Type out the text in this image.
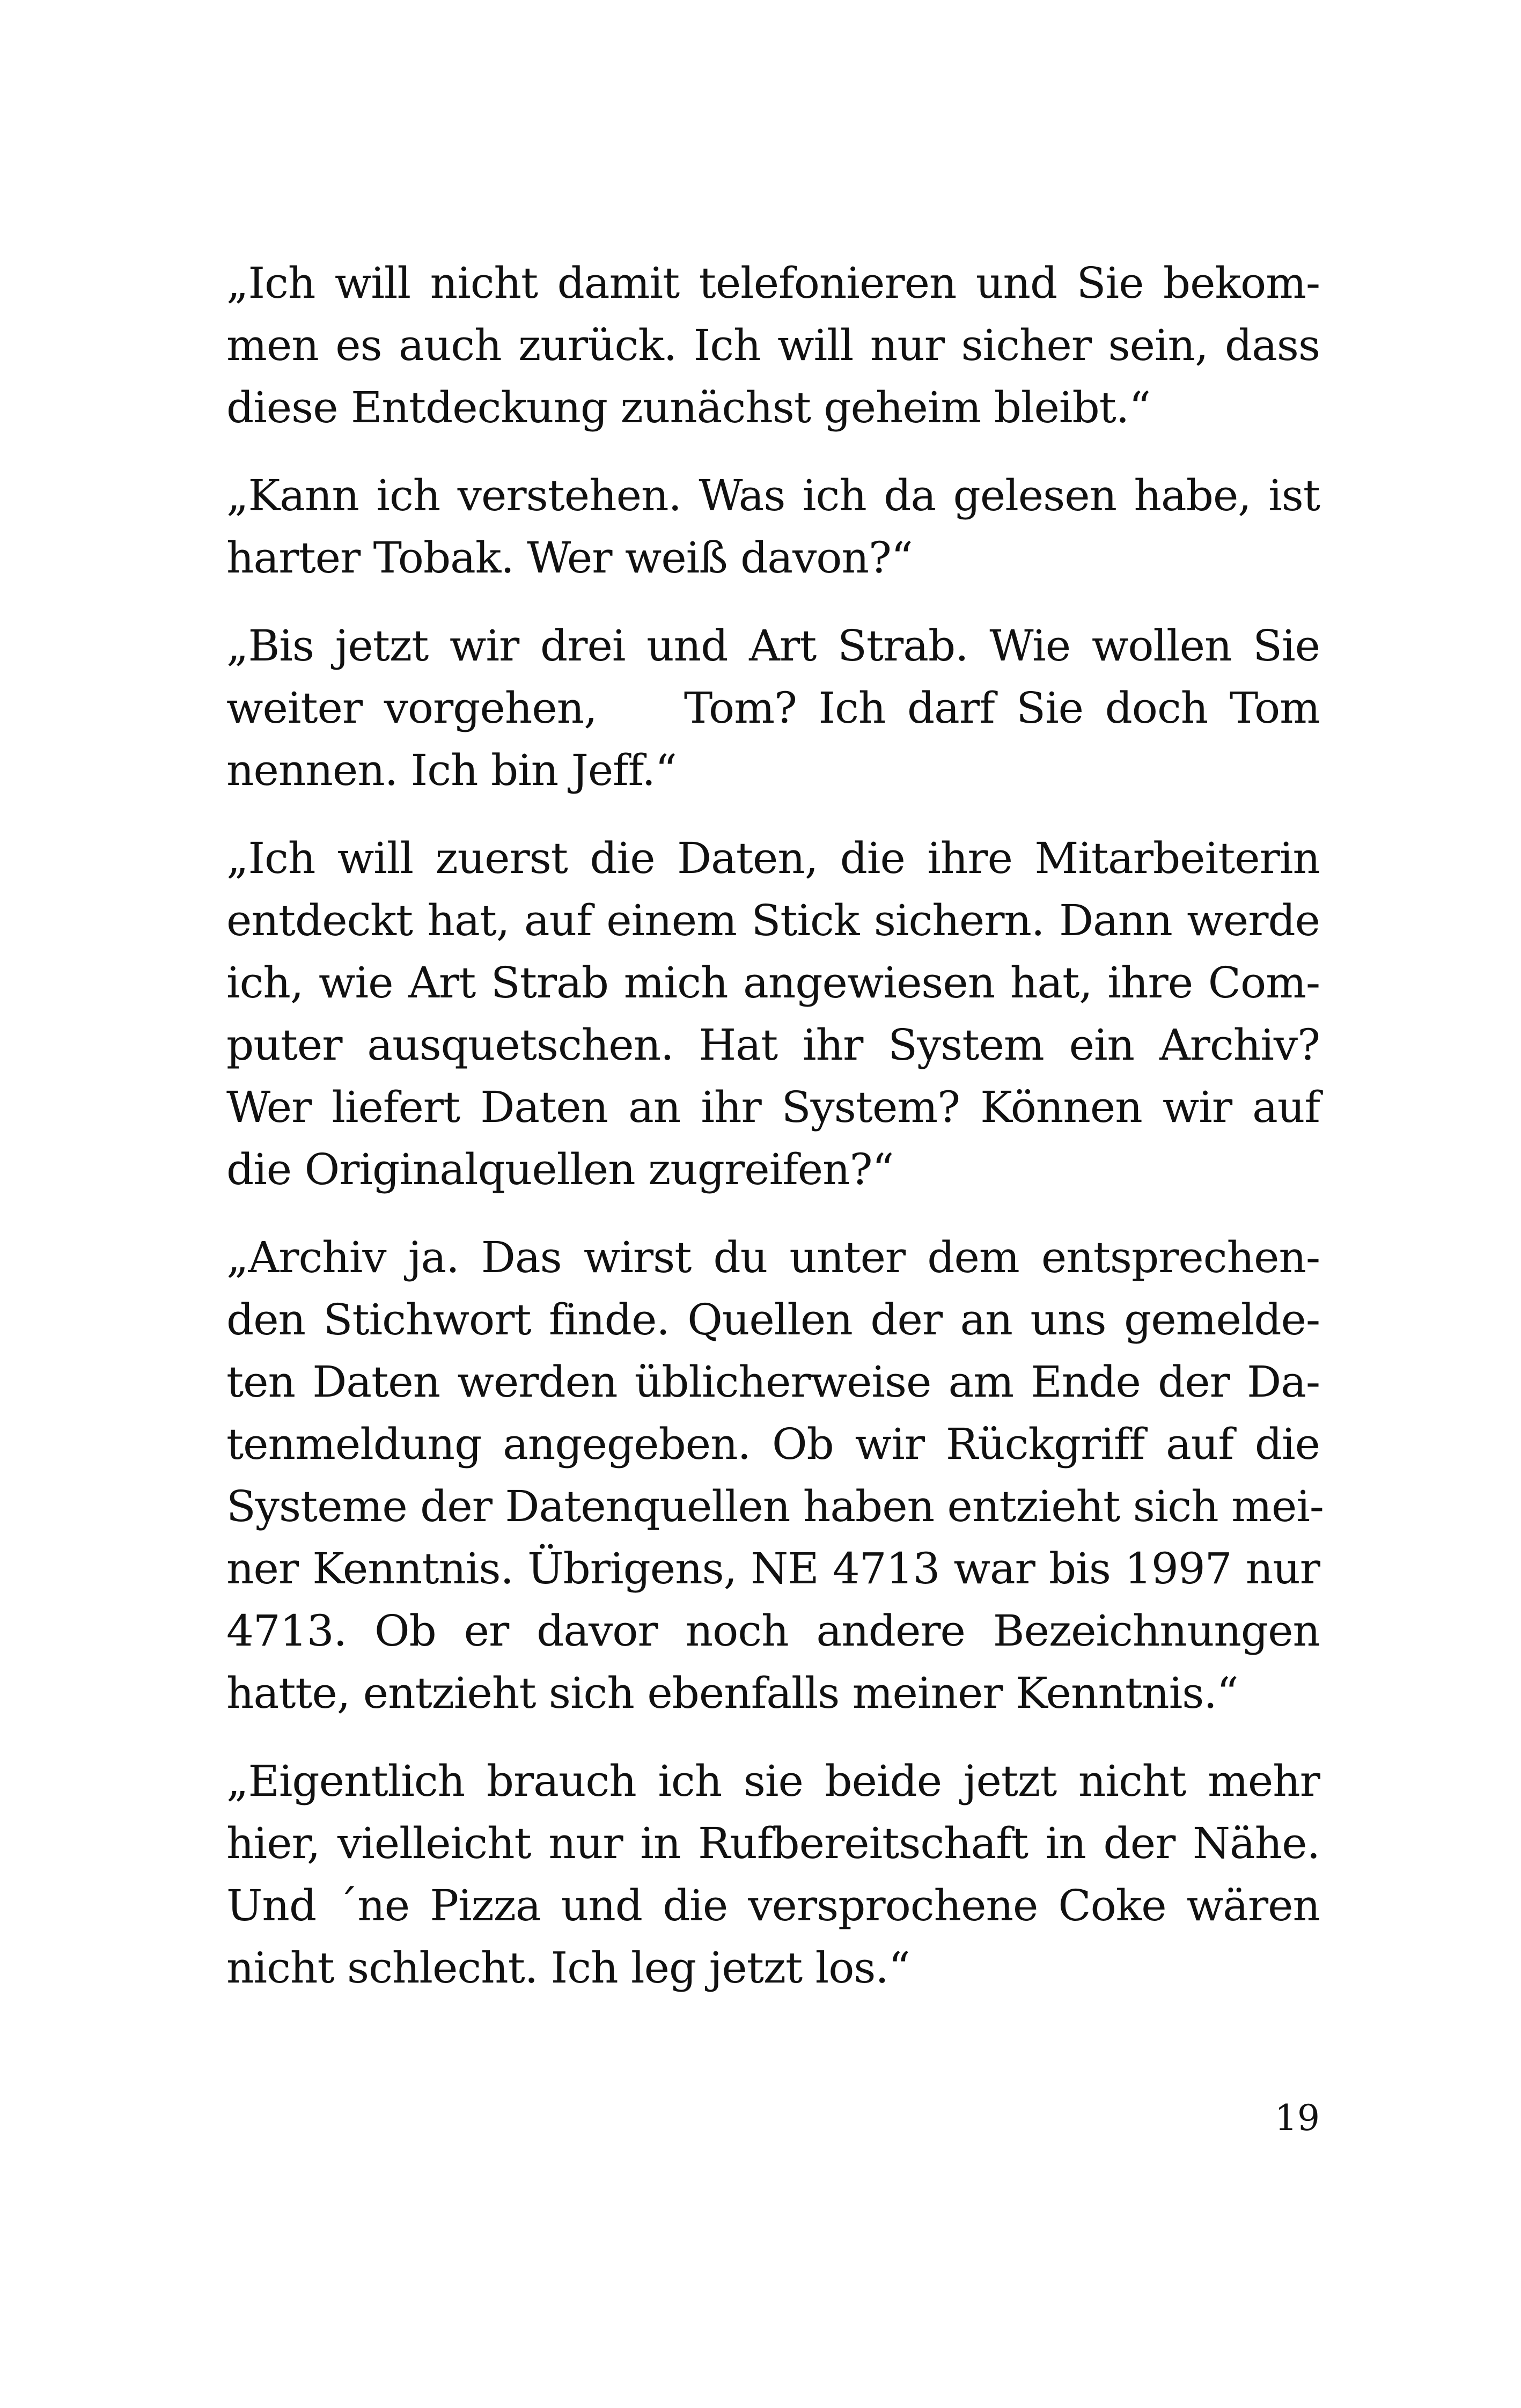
„Ich will nicht damit telefonieren und Sie bekom-
men es auch zurück. Ich will nur sicher sein, dass
diese Entdeckung zunächst geheim bleibt.“

„Kann ich verstehen. Was ich da gelesen habe, ist
harter Tobak. Wer weiß davon?“

„Bis jetzt wir drei und Art Strab. Wie wollen Sie
weiter vorgehen,    Tom? Ich darf Sie doch Tom
nennen. Ich bin Jeff.“

„Ich will zuerst die Daten, die ihre Mitarbeiterin
entdeckt hat, auf einem Stick sichern. Dann werde
ich, wie Art Strab mich angewiesen hat, ihre Com-
puter ausquetschen. Hat ihr System ein Archiv?
Wer liefert Daten an ihr System? Können wir auf
die Originalquellen zugreifen?“

„Archiv ja. Das wirst du unter dem entsprechen-
den Stichwort finde. Quellen der an uns gemelde-
ten Daten werden üblicherweise am Ende der Da-
tenmeldung angegeben. Ob wir Rückgriff auf die
Systeme der Datenquellen haben entzieht sich mei-
ner Kenntnis. Übrigens, NE 4713 war bis 1997 nur
4713. Ob er davor noch andere Bezeichnungen
hatte, entzieht sich ebenfalls meiner Kenntnis.“

„Eigentlich brauch ich sie beide jetzt nicht mehr
hier, vielleicht nur in Rufbereitschaft in der Nähe.
Und ´ne Pizza und die versprochene Coke wären
nicht schlecht. Ich leg jetzt los.“

19
